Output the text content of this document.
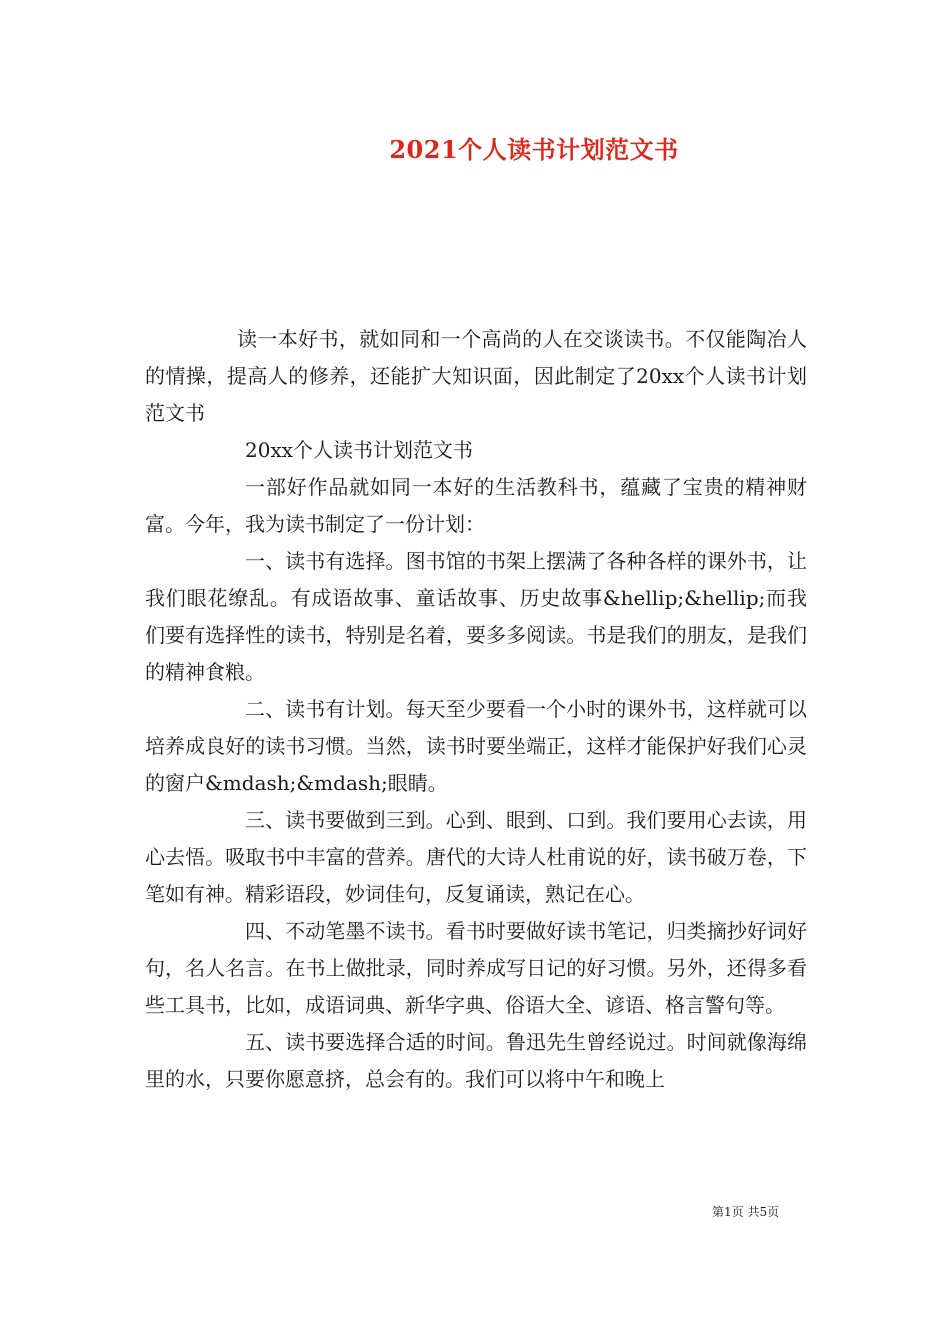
2021个人读书计划范文书

读一本好书，就如同和一个高尚的人在交谈读书。不仅能陶冶人的情操，提高人的修养，还能扩大知识面，因此制定了20xx个人读书计划范文书

20xx个人读书计划范文书

一部好作品就如同一本好的生活教科书，蕴藏了宝贵的精神财富。今年，我为读书制定了一份计划：

一、读书有选择。图书馆的书架上摆满了各种各样的课外书，让我们眼花缭乱。有成语故事、童话故事、历史故事&hellip;&hellip;而我们要有选择性的读书，特别是名着，要多多阅读。书是我们的朋友，是我们的精神食粮。

二、读书有计划。每天至少要看一个小时的课外书，这样就可以培养成良好的读书习惯。当然，读书时要坐端正，这样才能保护好我们心灵的窗户&mdash;&mdash;眼睛。

三、读书要做到三到。心到、眼到、口到。我们要用心去读，用心去悟。吸取书中丰富的营养。唐代的大诗人杜甫说的好，读书破万卷，下笔如有神。精彩语段，妙词佳句，反复诵读，熟记在心。

四、不动笔墨不读书。看书时要做好读书笔记，归类摘抄好词好句，名人名言。在书上做批录，同时养成写日记的好习惯。另外，还得多看些工具书，比如，成语词典、新华字典、俗语大全、谚语、格言警句等。

五、读书要选择合适的时间。鲁迅先生曾经说过。时间就像海绵里的水，只要你愿意挤，总会有的。我们可以将中午和晚上

第1页 共5页
